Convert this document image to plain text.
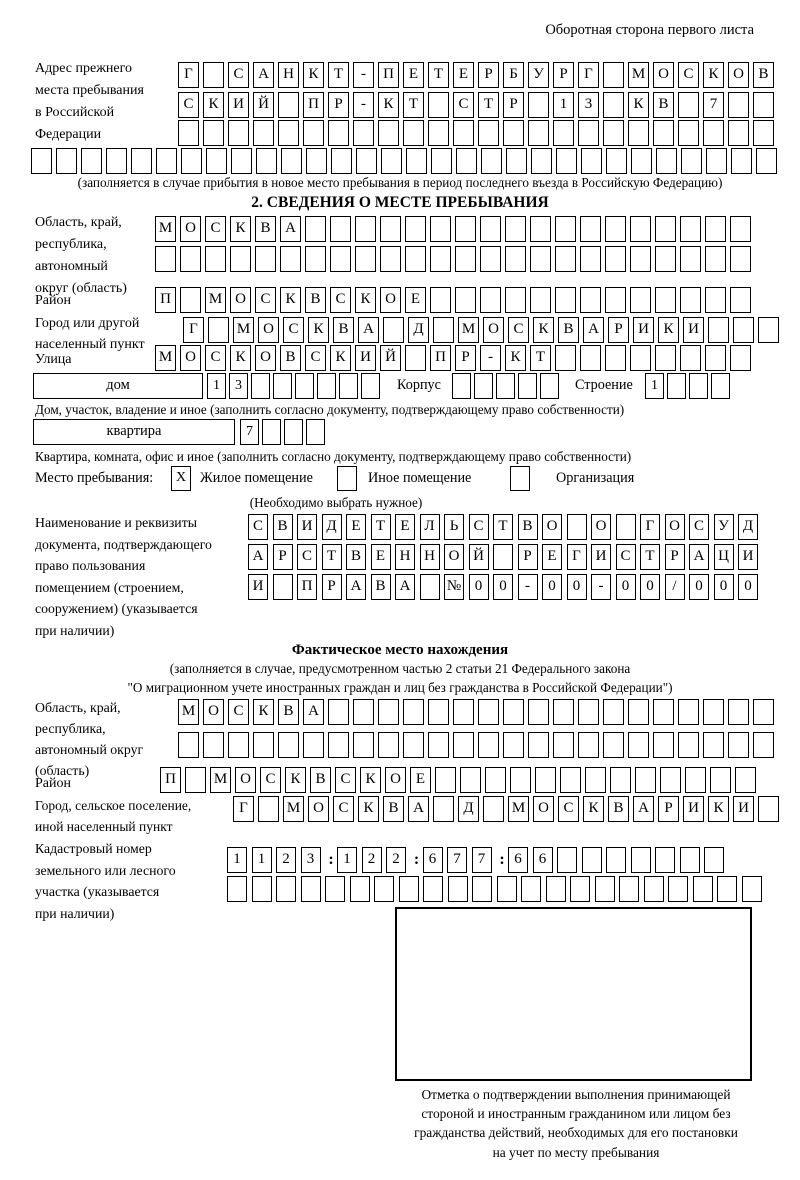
Оборотная сторона первого листа
Адрес прежнего
места пребывания
в Российской
Федерации
Г	С А Н К	Т	-	П Е	Т	Е	Р	Б	У	Р	Г	М О С К О В
С К И Й	П	Р	-	К	Т	С	Т	Р	1	3	К В	7
(заполняется в случае прибытия в новое место пребывания в период последнего въезда в Российскую Федерацию)
2. СВЕДЕНИЯ О МЕСТЕ ПРЕБЫВАНИЯ
Область, край,
республика,
автономный
округ (область)
М О С К В А
Район	П	М О С К В С К О Е
Город или другой
населенный пункт
Г	М О С К В А	Д	М О С К В А	Р	И К И
Улица	М О С К О В С К И Й	П	Р	-	К	Т
дом	1	3	Корпус	Строение	1
Дом, участок, владение и иное (заполнить согласно документу, подтверждающему право собственности)
квартира	7
Квартира, комната, офис и иное (заполнить согласно документу, подтверждающему право собственности)
Место пребывания:	X Жилое помещение	Иное помещение	Организация
(Необходимо выбрать нужное)
Наименование и реквизиты
документа, подтверждающего
право пользования
помещением (строением,
сооружением) (указывается
при наличии)
С В И Д Е	Т	Е Л	Ь	С Т В О	О	Г О С У Д
А Р	С Т В Е Н Н О Й	Р	Е	Г И С Т	Р А Ц И
И	П Р А В А	№ 0	0	-	0	0	-	0	0	/	0	0	0
Фактическое место нахождения
(заполняется в случае, предусмотренном частью 2 статьи 21 Федерального закона
"О миграционном учете иностранных граждан и лиц без гражданства в Российской Федерации")
Область, край,
республика,
автономный округ
(область)
М О С К В А
Район	П	М О С К В С К О Е
Город, сельское поселение,
иной населенный пункт
Г	М О С К В А	Д	М О С К В А	Р	И К И
Кадастровый номер
земельного или лесного
участка (указывается
при наличии)
1	1	2	3 : 1	2	2 : 6	7	7 : 6	6
Отметка о подтверждении выполнения принимающей
стороной и иностранным гражданином или лицом без
гражданства действий, необходимых для его постановки
на учет по месту пребывания
